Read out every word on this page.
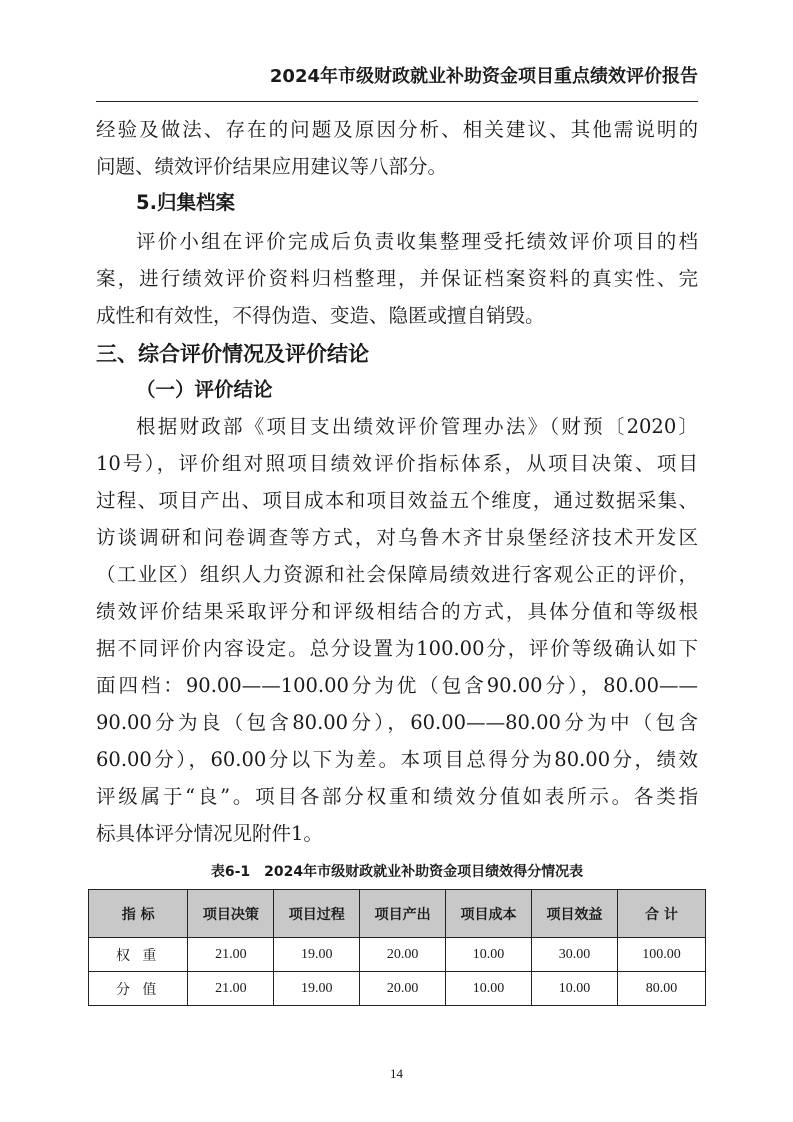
2024年市级财政就业补助资金项目重点绩效评价报告
经验及做法、存在的问题及原因分析、相关建议、其他需说明的
问题、绩效评价结果应用建议等八部分。
5.归集档案
评价小组在评价完成后负责收集整理受托绩效评价项目的档
案，进行绩效评价资料归档整理，并保证档案资料的真实性、完
成性和有效性，不得伪造、变造、隐匿或擅自销毁。
三、综合评价情况及评价结论
（一）评价结论
根据财政部《项目支出绩效评价管理办法》（财预〔2020〕
10号），评价组对照项目绩效评价指标体系，从项目决策、项目
过程、项目产出、项目成本和项目效益五个维度，通过数据采集、
访谈调研和问卷调查等方式，对乌鲁木齐甘泉堡经济技术开发区
（工业区）组织人力资源和社会保障局绩效进行客观公正的评价，
绩效评价结果采取评分和评级相结合的方式，具体分值和等级根
据不同评价内容设定。总分设置为100.00分，评价等级确认如下
面四档：90.00——100.00分为优（包含90.00分），80.00——
90.00分为良（包含80.00分），60.00——80.00分为中（包含
60.00分），60.00分以下为差。本项目总得分为80.00分，绩效
评级属于“良”。项目各部分权重和绩效分值如表所示。各类指
标具体评分情况见附件1。
表6-1　2024年市级财政就业补助资金项目绩效得分情况表
指 标	项目决策	项目过程	项目产出	项目成本	项目效益	合 计
权 重	21.00	19.00	20.00	10.00	30.00	100.00
分 值	21.00	19.00	20.00	10.00	10.00	80.00
14
